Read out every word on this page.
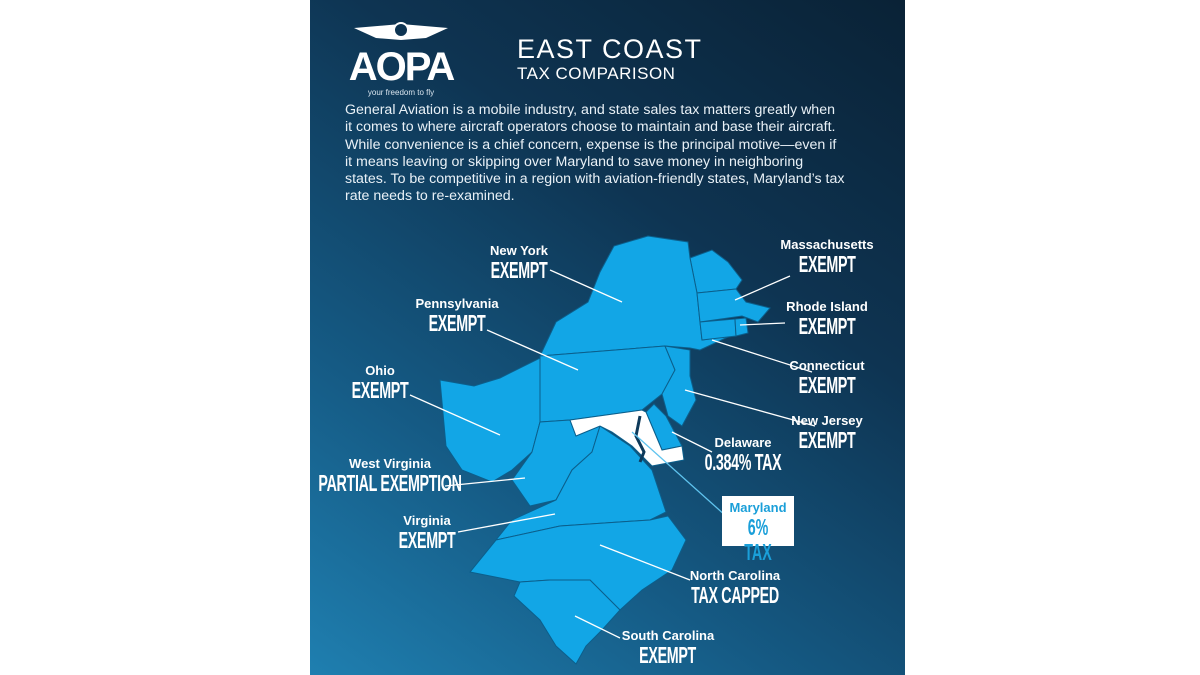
AOPA
your freedom to fly
EAST COAST
TAX COMPARISON
General Aviation is a mobile industry, and state sales tax matters greatly when it comes to where aircraft operators choose to maintain and base their aircraft. While convenience is a chief concern, expense is the principal motive—even if it means leaving or skipping over Maryland to save money in neighboring states. To be competitive in a region with aviation-friendly states, Maryland’s tax rate needs to re-examined.
New York
EXEMPT
Massachusetts
EXEMPT
Rhode Island
EXEMPT
Pennsylvania
EXEMPT
Connecticut
EXEMPT
Ohio
EXEMPT
New Jersey
EXEMPT
Delaware
0.384% TAX
West Virginia
PARTIAL EXEMPTION
Maryland
6% TAX
Virginia
EXEMPT
North Carolina
TAX CAPPED
South Carolina
EXEMPT
